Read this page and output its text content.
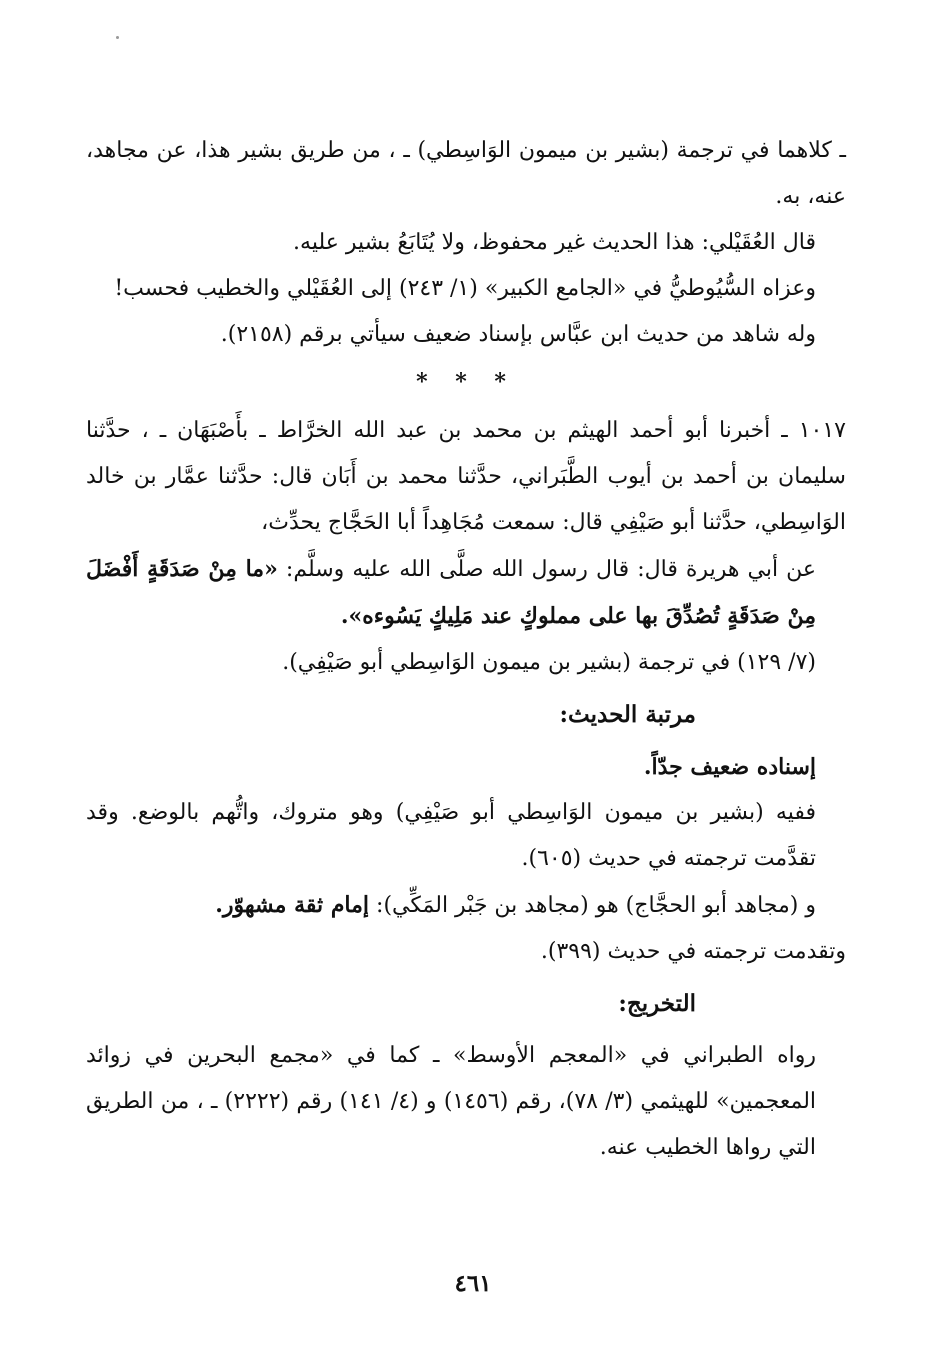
ـ كلاهما في ترجمة (بشير بن ميمون الوَاسِطي) ـ ، من طريق بشير هذا، عن مجاهد، عنه، به.

قال العُقَيْلي: هذا الحديث غير محفوظ، ولا يُتَابَعُ بشير عليه.

وعزاه السُّيُوطيُّ في «الجامع الكبير» (١/ ٢٤٣) إلى العُقَيْلي والخطيب فحسب!

وله شاهد من حديث ابن عبَّاس بإسناد ضعيف سيأتي برقم (٢١٥٨).

* * *

١٠١٧ ـ أخبرنا أبو أحمد الهيثم بن محمد بن عبد الله الخرَّاط ـ بأَصْبَهَان ـ ، حدَّثنا سليمان بن أحمد بن أيوب الطَّبَراني، حدَّثنا محمد بن أَبَان قال: حدَّثنا عمَّار بن خالد الوَاسِطي، حدَّثنا أبو صَيْفِي قال: سمعت مُجَاهِداً أبا الحَجَّاج يحدِّث،

عن أبي هريرة قال: قال رسول الله صلَّى الله عليه وسلَّم: «ما مِنْ صَدَقَةٍ أَفْضَلَ مِنْ صَدَقَةٍ تُصُدِّقَ بها على مملوكٍ عند مَلِيكٍ يَسُوءه».

(٧/ ١٢٩) في ترجمة (بشير بن ميمون الوَاسِطي أبو صَيْفِي).

مرتبة الحديث:

إسناده ضعيف جدّاً.

ففيه (بشير بن ميمون الوَاسِطي أبو صَيْفِي) وهو متروك، واتُّهم بالوضع. وقد تقدَّمت ترجمته في حديث (٦٠٥).

و (مجاهد أبو الحجَّاج) هو (مجاهد بن جَبْر المَكِّي): إمام ثقة مشهوّر.

وتقدمت ترجمته في حديث (٣٩٩).

التخريج:

رواه الطبراني في «المعجم الأوسط» ـ كما في «مجمع البحرين في زوائد المعجمين» للهيثمي (٣/ ٧٨)، رقم (١٤٥٦) و (٤/ ١٤١) رقم (٢٢٢٢) ـ ، من الطريق التي رواها الخطيب عنه.

٤٦١
